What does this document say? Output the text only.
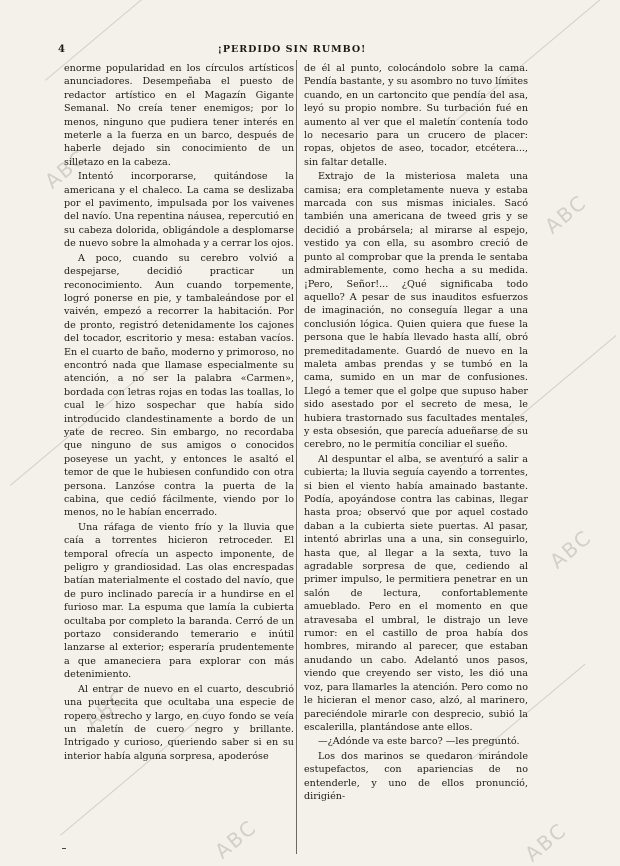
4	¡PERDIDO SIN RUMBO!

enorme popularidad en los círculos artísticos anunciadores. Desempeñaba el puesto de redactor artístico en el Magazín Gigante Semanal. No creía tener enemigos; por lo menos, ninguno que pudiera tener interés en meterle a la fuerza en un barco, después de haberle dejado sin conocimiento de un silletazo en la cabeza.

Intentó incorporarse, quitándose la americana y el chaleco. La cama se deslizaba por el pavimento, impulsada por los vaivenes del navío. Una repentina náusea, repercutió en su cabeza dolorida, obligándole a desplomarse de nuevo sobre la almohada y a cerrar los ojos.

A poco, cuando su cerebro volvió a despejarse, decidió practicar un reconocimiento. Aun cuando torpemente, logró ponerse en pie, y tambaleándose por el vaivén, empezó a recorrer la habitación. Por de pronto, registró detenidamente los cajones del tocador, escritorio y mesa: estaban vacíos. En el cuarto de baño, moderno y primoroso, no encontró nada que llamase especialmente su atención, a no ser la palabra «Carmen», bordada con letras rojas en todas las toallas, lo cual le hizo sospechar que había sido introducido clandestinamente a bordo de un yate de recreo. Sin embargo, no recordaba que ninguno de sus amigos o conocidos poseyese un yacht, y entonces le asaltó el temor de que le hubiesen confundido con otra persona. Lanzóse contra la puerta de la cabina, que cedió fácilmente, viendo por lo menos, no le habían encerrado.

Una ráfaga de viento frío y la lluvia que caía a torrentes hicieron retroceder. El temporal ofrecía un aspecto imponente, de peligro y grandiosidad. Las olas encrespadas batían materialmente el costado del navío, que de puro inclinado parecía ir a hundirse en el furioso mar. La espuma que lamía la cubierta ocultaba por completo la baranda. Cerró de un portazo considerando temerario e inútil lanzarse al exterior; esperaría prudentemente a que amaneciera para explorar con más detenimiento.

Al entrar de nuevo en el cuarto, descubrió una puertecita que ocultaba una especie de ropero estrecho y largo, en cuyo fondo se veía un maletín de cuero negro y brillante. Intrigado y curioso, queriendo saber si en su interior había alguna sorpresa, apoderóse

de él al punto, colocándolo sobre la cama. Pendía bastante, y su asombro no tuvo límites cuando, en un cartoncito que pendía del asa, leyó su propio nombre. Su turbación fué en aumento al ver que el maletín contenía todo lo necesario para un crucero de placer: ropas, objetos de aseo, tocador, etcétera..., sin faltar detalle.

Extrajo de la misteriosa maleta una camisa; era completamente nueva y estaba marcada con sus mismas iniciales. Sacó también una americana de tweed gris y se decidió a probársela; al mirarse al espejo, vestido ya con ella, su asombro creció de punto al comprobar que la prenda le sentaba admirablemente, como hecha a su medida. ¡Pero, Señor!... ¿Qué significaba todo aquello? A pesar de sus inauditos esfuerzos de imaginación, no conseguía llegar a una conclusión lógica. Quien quiera que fuese la persona que le había llevado hasta allí, obró premeditadamente. Guardó de nuevo en la maleta ambas prendas y se tumbó en la cama, sumido en un mar de confusiones. Llegó a temer que el golpe que supuso haber sido asestado por el secreto de mesa, le hubiera trastornado sus facultades mentales, y esta obsesión, que parecía adueñarse de su cerebro, no le permitía conciliar el sueño.

Al despuntar el alba, se aventuró a salir a cubierta; la lluvia seguía cayendo a torrentes, si bien el viento había amainado bastante. Podía, apoyándose contra las cabinas, llegar hasta proa; observó que por aquel costado daban a la cubierta siete puertas. Al pasar, intentó abrirlas una a una, sin conseguirlo, hasta que, al llegar a la sexta, tuvo la agradable sorpresa de que, cediendo al primer impulso, le permitiera penetrar en un salón de lectura, confortablemente amueblado. Pero en el momento en que atravesaba el umbral, le distrajo un leve rumor: en el castillo de proa había dos hombres, mirando al parecer, que estaban anudando un cabo. Adelantó unos pasos, viendo que creyendo ser visto, les dió una voz, para llamarles la atención. Pero como no le hicieran el menor caso, alzó, al marinero, pareciéndole mirarle con desprecio, subió la escalerilla, plantándose ante ellos.

—¿Adónde va este barco? —les preguntó.

Los dos marinos se quedaron mirándole estupefactos, con apariencias de no entenderle, y uno de ellos pronunció, dirigién-

ABC
ABC
ABC
ABC
ABC	ABC
